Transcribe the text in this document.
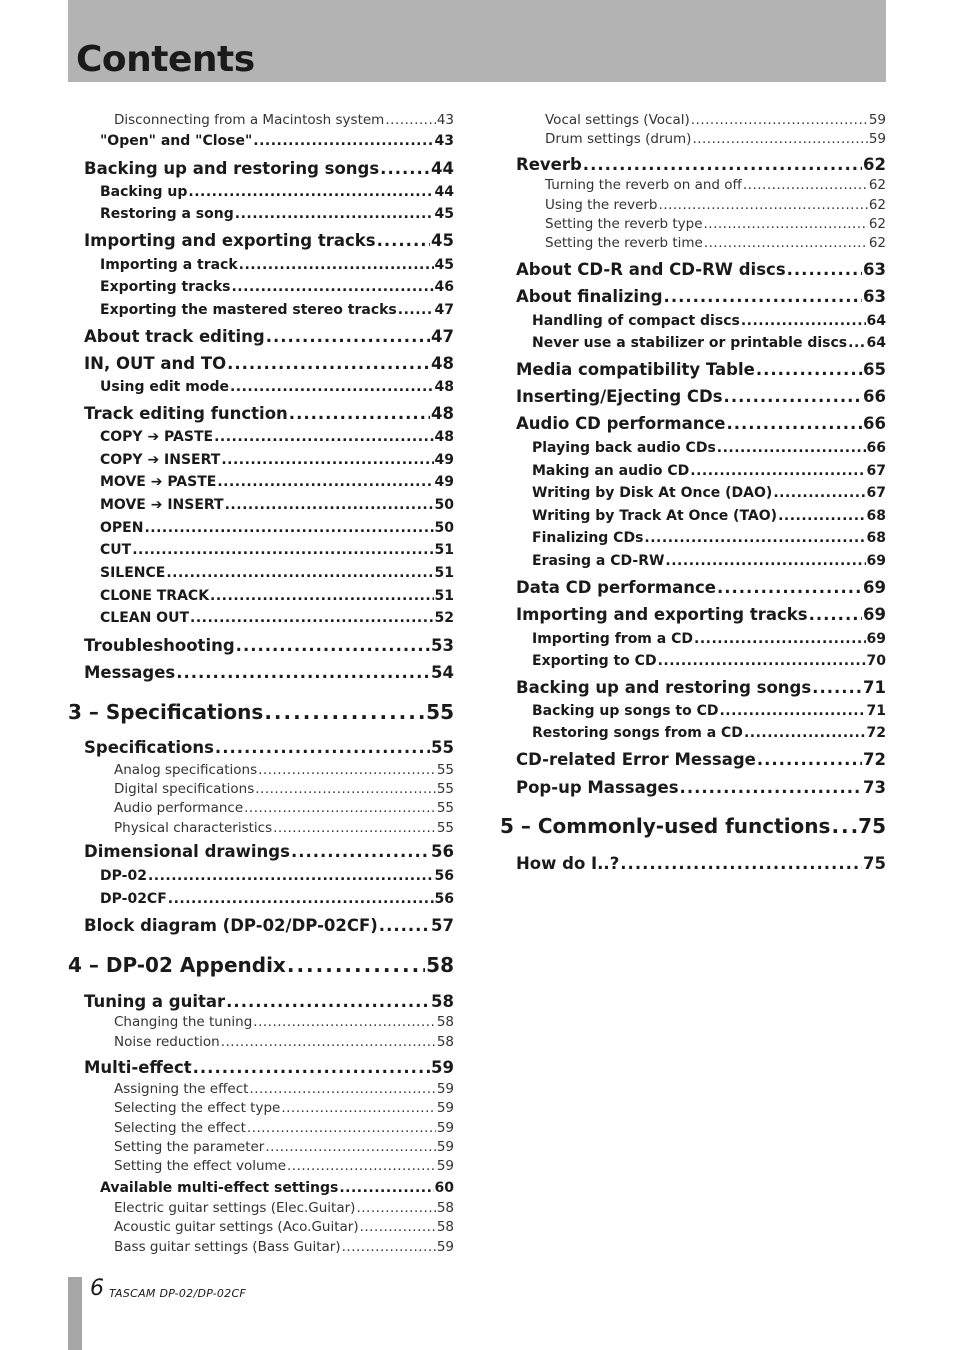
Contents
Disconnecting from a Macintosh system .....	43
"Open" and "Close" .....	43
Backing up and restoring songs .....	44
Backing up .....	44
Restoring a song .....	45
Importing and exporting tracks .....	45
Importing a track .....	45
Exporting tracks .....	46
Exporting the mastered stereo tracks .....	47
About track editing .....	47
IN, OUT and TO .....	48
Using edit mode .....	48
Track editing function .....	48
COPY ➔ PASTE .....	48
COPY ➔ INSERT .....	49
MOVE ➔ PASTE .....	49
MOVE ➔ INSERT .....	50
OPEN .....	50
CUT .....	51
SILENCE .....	51
CLONE TRACK .....	51
CLEAN OUT .....	52
Troubleshooting .....	53
Messages .....	54
3 – Specifications .....	55
Specifications .....	55
Analog specifications .....	55
Digital specifications .....	55
Audio performance .....	55
Physical characteristics .....	55
Dimensional drawings .....	56
DP-02 .....	56
DP-02CF .....	56
Block diagram (DP-02/DP-02CF) .....	57
4 – DP-02 Appendix .....	58
Tuning a guitar .....	58
Changing the tuning .....	58
Noise reduction .....	58
Multi-effect .....	59
Assigning the effect .....	59
Selecting the effect type .....	59
Selecting the effect .....	59
Setting the parameter .....	59
Setting the effect volume .....	59
Available multi-effect settings .....	60
Electric guitar settings (Elec.Guitar) .....	58
Acoustic guitar settings (Aco.Guitar) .....	58
Bass guitar settings (Bass Guitar) .....	59
Vocal settings (Vocal) .....	59
Drum settings (drum) .....	59
Reverb .....	62
Turning the reverb on and off .....	62
Using the reverb .....	62
Setting the reverb type .....	62
Setting the reverb time .....	62
About CD-R and CD-RW discs .....	63
About finalizing .....	63
Handling of compact discs .....	64
Never use a stabilizer or printable discs ..... 64
Media compatibility Table .....	65
Inserting/Ejecting CDs .....	66
Audio CD performance .....	66
Playing back audio CDs .....	66
Making an audio CD .....	67
Writing by Disk At Once (DAO) .....	67
Writing by Track At Once (TAO) .....	68
Finalizing CDs .....	68
Erasing a CD-RW .....	69
Data CD performance .....	69
Importing and exporting tracks .....	69
Importing from a CD .....	69
Exporting to CD .....	70
Backing up and restoring songs .....	71
Backing up songs to CD .....	71
Restoring songs from a CD .....	72
CD-related Error Message .....	72
Pop-up Massages .....	73
5 – Commonly-used functions ..... 75
How do I..? .....	75
6 TASCAM DP-02/DP-02CF
